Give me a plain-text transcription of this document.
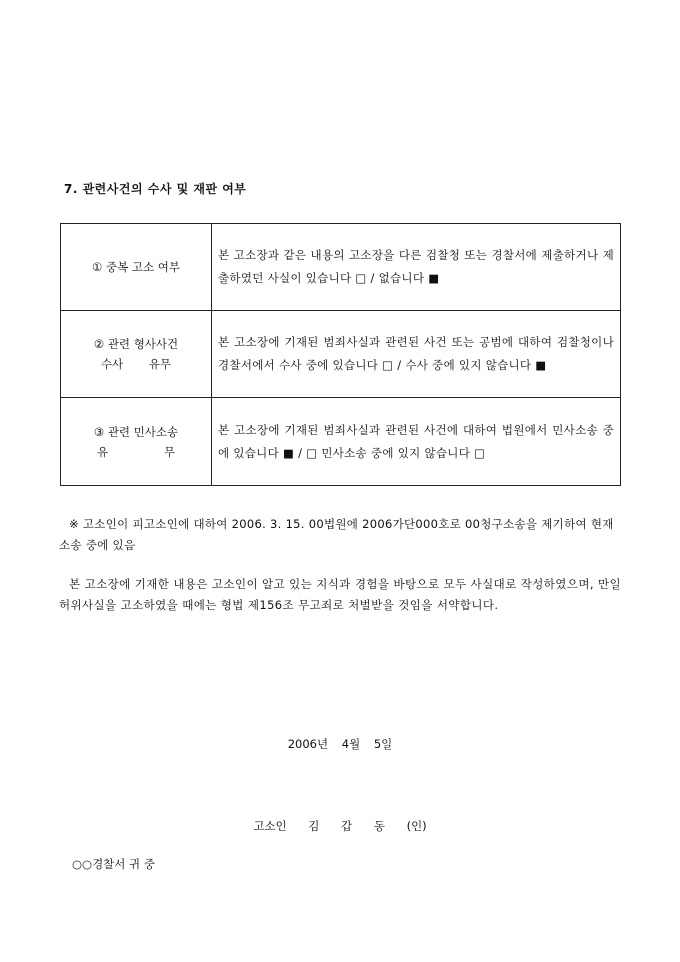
7. 관련사건의 수사 및 재판 여부
① 중복 고소 여부	본 고소장과 같은 내용의 고소장을 다른 검찰청 또는 경찰서에 제출하거나 제출하였던 사실이 있습니다 □ / 없습니다 ■

② 관련 형사사건
수사 유무	본 고소장에 기재된 범죄사실과 관련된 사건 또는 공범에 대하여 검찰청이나 경찰서에서 수사 중에 있습니다 □ / 수사 중에 있지 않습니다 ■

③ 관련 민사소송
유 무	본 고소장에 기재된 범죄사실과 관련된 사건에 대하여 법원에서 민사소송 중에 있습니다 ■ / □ 민사소송 중에 있지 않습니다 □
※ 고소인이 피고소인에 대하여 2006. 3. 15. 00법원에 2006가단000호로 00청구소송을 제기하여 현재 소송 중에 있음
본 고소장에 기재한 내용은 고소인이 알고 있는 지식과 경험을 바탕으로 모두 사실대로 작성하였으며, 만일 허위사실을 고소하였을 때에는 형법 제156조 무고죄로 처벌받을 것임을 서약합니다.
2006년 4월 5일
고소인 김 갑 동 (인)
○○경찰서 귀 중
